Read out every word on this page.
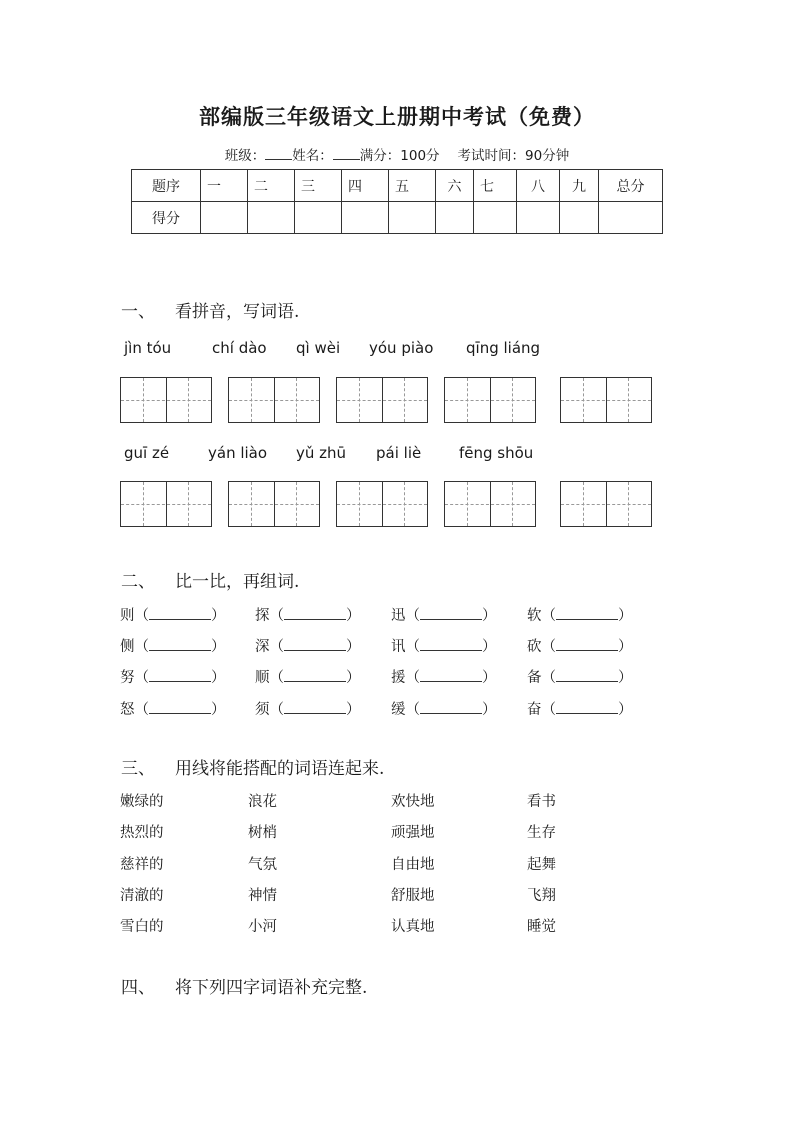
部编版三年级语文上册期中考试（免费）
班级： 姓名： 满分：100分 考试时间：90分钟
题序	一	二	三	四	五	六	七	八	九	总分
得分										
一、 看拼音，写词语.
jìn tóu	chí dào qì wèi yóu piào qīng liáng
guī zé	yán liào yǔ zhū pái liè	fēng shōu
二、 比一比，再组词.
则（	） 探（	） 迅（	） 软（	）
侧（	） 深（	） 讯（	） 砍（	）
努（	） 顺（	） 援（	） 备（	）
怒（	） 须（	） 缓（	） 奋（	）
三、 用线将能搭配的词语连起来.
嫩绿的	浪花	欢快地	看书
热烈的	树梢	顽强地	生存
慈祥的	气氛	自由地	起舞
清澈的	神情	舒服地	飞翔
雪白的	小河	认真地	睡觉
四、 将下列四字词语补充完整.
